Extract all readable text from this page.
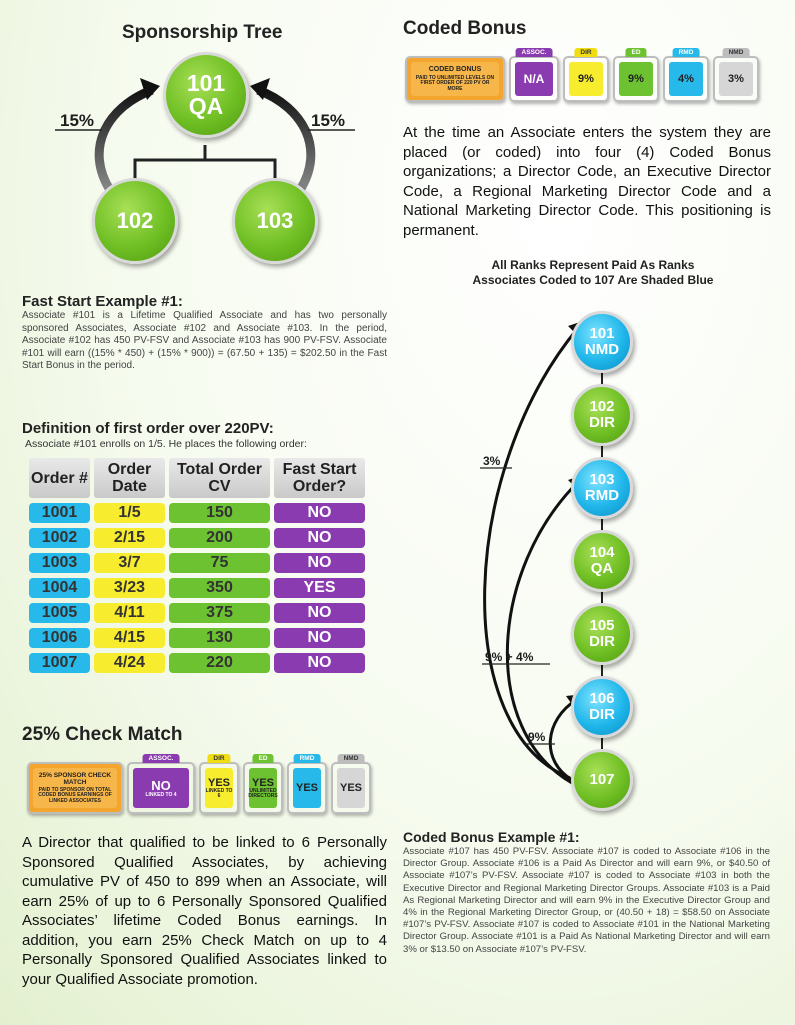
Sponsorship Tree
15%	15%
101
QA
102	103
Fast Start Example #1:
Associate #101 is a Lifetime Qualified Associate and has two personally sponsored Associates, Associate #102 and Associate #103. In the period, Associate #102 has 450 PV-FSV and Associate #103 has 900 PV-FSV. Associate #101 will earn ((15% * 450) + (15% * 900)) = (67.50 + 135) = $202.50 in the Fast Start Bonus in the period.
Definition of first order over 220PV:
Associate #101 enrolls on 1/5. He places the following order:
Order #	Order Date	Total Order CV	Fast Start Order?
1001	1/5	150	NO
1002	2/15	200	NO
1003	3/7	75	NO
1004	3/23	350	YES
1005	4/11	375	NO
1006	4/15	130	NO
1007	4/24	220	NO
25% Check Match
25% SPONSOR CHECK MATCH
PAID TO SPONSOR ON TOTAL CODED BONUS EARNINGS OF LINKED ASSOCIATES
ASSOC.
NO
LINKED TO 4
DIR
YES
LINKED TO 6
ED
YES
UNLIMITED DIRECTORS
RMD
YES
NMD
YES
A Director that qualified to be linked to 6 Personally Sponsored Qualified Associates, by achieving cumulative PV of 450 to 899 when an Associate, will earn 25% of up to 6 Personally Sponsored Qualified Associates’ lifetime Coded Bonus earnings. In addition, you earn 25% Check Match on up to 4 Personally Sponsored Qualified Associates linked to your Qualified Associate promotion.
Coded Bonus
CODED BONUS
PAID TO UNLIMITED LEVELS ON FIRST ORDER OF 220 PV OR MORE
ASSOC.
N/A
DIR
9%
ED
9%
RMD
4%
NMD
3%
At the time an Associate enters the system they are placed (or coded) into four (4) Coded Bonus organizations; a Director Code, an Executive Director Code, a Regional Marketing Director Code and a National Marketing Director Code. This positioning is permanent.
All Ranks Represent Paid As Ranks
Associates Coded to 107 Are Shaded Blue
3%
9% + 4%
9%
101
NMD
102
DIR
103
RMD
104
QA
105
DIR
106
DIR
107
Coded Bonus Example #1:
Associate #107 has 450 PV-FSV. Associate #107 is coded to Associate #106 in the Director Group. Associate #106 is a Paid As Director and will earn 9%, or $40.50 of Associate #107’s PV-FSV. Associate #107 is coded to Associate #103 in both the Executive Director and Regional Marketing Director Groups. Associate #103 is a Paid As Regional Marketing Director and will earn 9% in the Executive Director Group and 4% in the Regional Marketing Director Group, or (40.50 + 18) = $58.50 on Associate #107’s PV-FSV. Associate #107 is coded to Associate #101 in the National Marketing Director Group. Associate #101 is a Paid As National Marketing Director and will earn 3% or $13.50 on Associate #107’s PV-FSV.
